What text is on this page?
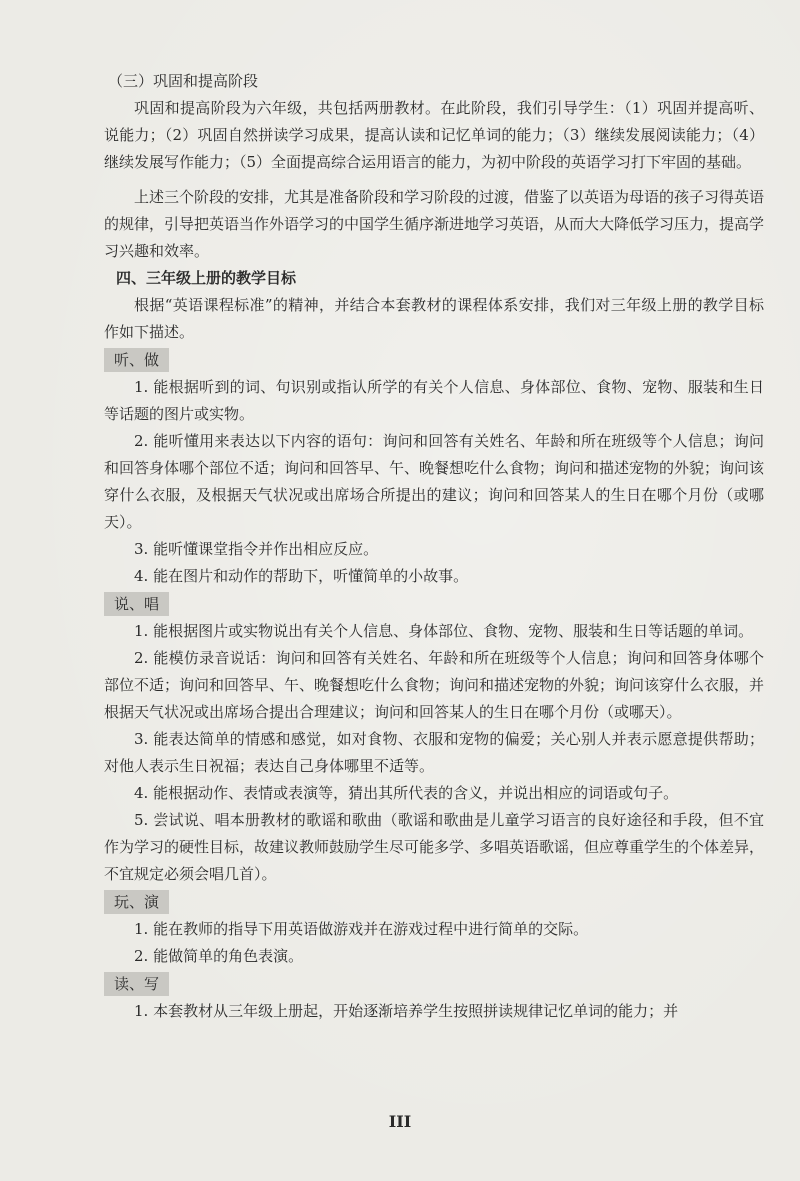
（三）巩固和提高阶段

巩固和提高阶段为六年级，共包括两册教材。在此阶段，我们引导学生：（1）巩固并提高听、说能力；（2）巩固自然拼读学习成果，提高认读和记忆单词的能力；（3）继续发展阅读能力；（4）继续发展写作能力；（5）全面提高综合运用语言的能力，为初中阶段的英语学习打下牢固的基础。

上述三个阶段的安排，尤其是准备阶段和学习阶段的过渡，借鉴了以英语为母语的孩子习得英语的规律，引导把英语当作外语学习的中国学生循序渐进地学习英语，从而大大降低学习压力，提高学习兴趣和效率。

四、三年级上册的教学目标

根据“英语课程标准”的精神，并结合本套教材的课程体系安排，我们对三年级上册的教学目标作如下描述。

听、做

1. 能根据听到的词、句识别或指认所学的有关个人信息、身体部位、食物、宠物、服装和生日等话题的图片或实物。

2. 能听懂用来表达以下内容的语句：询问和回答有关姓名、年龄和所在班级等个人信息；询问和回答身体哪个部位不适；询问和回答早、午、晚餐想吃什么食物；询问和描述宠物的外貌；询问该穿什么衣服，及根据天气状况或出席场合所提出的建议；询问和回答某人的生日在哪个月份（或哪天）。

3. 能听懂课堂指令并作出相应反应。

4. 能在图片和动作的帮助下，听懂简单的小故事。

说、唱

1. 能根据图片或实物说出有关个人信息、身体部位、食物、宠物、服装和生日等话题的单词。

2. 能模仿录音说话：询问和回答有关姓名、年龄和所在班级等个人信息；询问和回答身体哪个部位不适；询问和回答早、午、晚餐想吃什么食物；询问和描述宠物的外貌；询问该穿什么衣服，并根据天气状况或出席场合提出合理建议；询问和回答某人的生日在哪个月份（或哪天）。

3. 能表达简单的情感和感觉，如对食物、衣服和宠物的偏爱；关心别人并表示愿意提供帮助；对他人表示生日祝福；表达自己身体哪里不适等。

4. 能根据动作、表情或表演等，猜出其所代表的含义，并说出相应的词语或句子。

5. 尝试说、唱本册教材的歌谣和歌曲（歌谣和歌曲是儿童学习语言的良好途径和手段，但不宜作为学习的硬性目标，故建议教师鼓励学生尽可能多学、多唱英语歌谣，但应尊重学生的个体差异，不宜规定必须会唱几首）。

玩、演

1. 能在教师的指导下用英语做游戏并在游戏过程中进行简单的交际。

2. 能做简单的角色表演。

读、写

1. 本套教材从三年级上册起，开始逐渐培养学生按照拼读规律记忆单词的能力；并

III
